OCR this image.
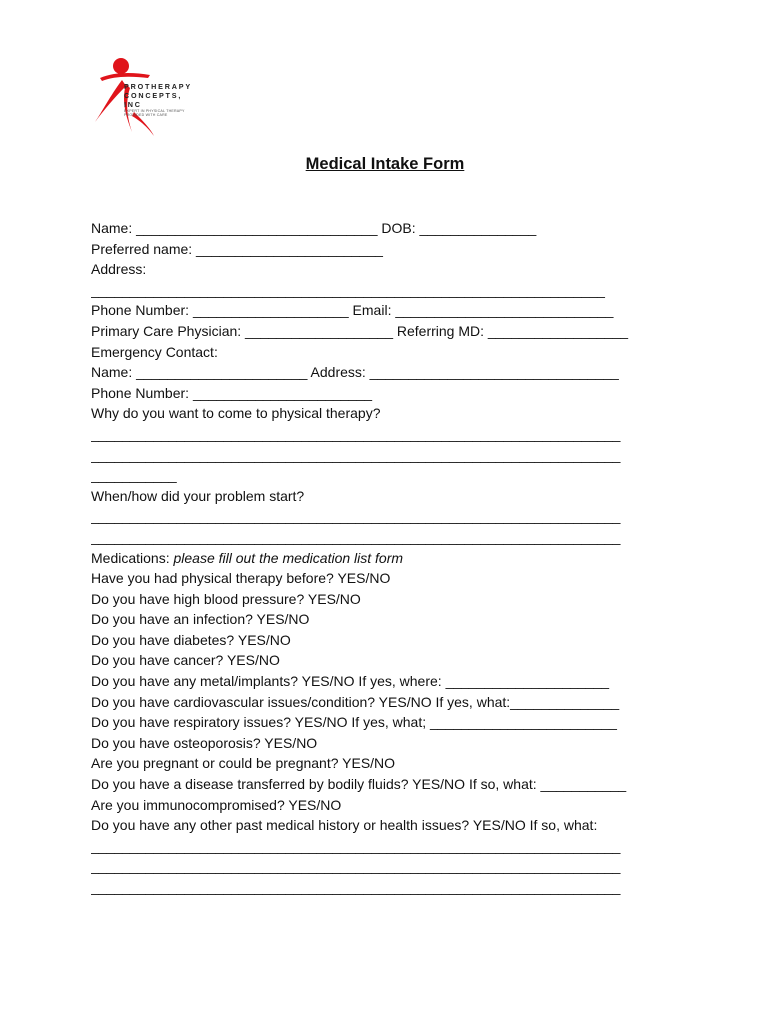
PROTHERAPY
CONCEPTS, INC
EXPERT IN PHYSICAL THERAPY
PROVIDED WITH CARE
Medical Intake Form
Name: _______________________________ DOB: _______________
Preferred name: ________________________
Address:
__________________________________________________________________
Phone Number: ____________________ Email: ____________________________
Primary Care Physician: ___________________ Referring MD: __________________
Emergency Contact:
Name: ______________________ Address: ________________________________
Phone Number: _______________________
Why do you want to come to physical therapy?
____________________________________________________________________
____________________________________________________________________
___________
When/how did your problem start?
____________________________________________________________________
____________________________________________________________________
Medications: please fill out the medication list form
Have you had physical therapy before? YES/NO
Do you have high blood pressure? YES/NO
Do you have an infection? YES/NO
Do you have diabetes? YES/NO
Do you have cancer? YES/NO
Do you have any metal/implants? YES/NO If yes, where: _____________________
Do you have cardiovascular issues/condition? YES/NO If yes, what:______________
Do you have respiratory issues? YES/NO If yes, what; ________________________
Do you have osteoporosis? YES/NO
Are you pregnant or could be pregnant? YES/NO
Do you have a disease transferred by bodily fluids? YES/NO If so, what: ___________
Are you immunocompromised? YES/NO
Do you have any other past medical history or health issues? YES/NO If so, what:
____________________________________________________________________
____________________________________________________________________
____________________________________________________________________
